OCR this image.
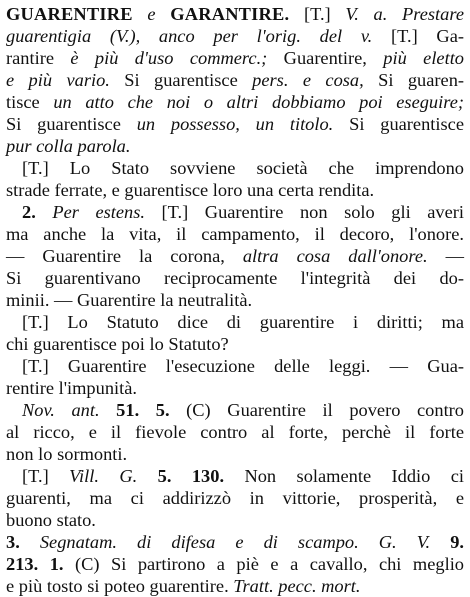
GUARENTIRE e GARANTIRE. [T.] V. a. Prestare
guarentigia (V.), anco per l'orig. del v. [T.] Ga-
rantire è più d'uso commerc.; Guarentire, più eletto
e più vario. Si guarentisce pers. e cosa, Si guaren-
tisce un atto che noi o altri dobbiamo poi eseguire;
Si guarentisce un possesso, un titolo. Si guarentisce
pur colla parola.
[T.] Lo Stato sovviene società che imprendono
strade ferrate, e guarentisce loro una certa rendita.
2. Per estens. [T.] Guarentire non solo gli averi
ma anche la vita, il campamento, il decoro, l'onore.
— Guarentire la corona, altra cosa dall'onore. —
Si guarentivano reciprocamente l'integrità dei do-
minii. — Guarentire la neutralità.
[T.] Lo Statuto dice di guarentire i diritti; ma
chi guarentisce poi lo Statuto?
[T.] Guarentire l'esecuzione delle leggi. — Gua-
rentire l'impunità.
Nov. ant. 51. 5. (C) Guarentire il povero contro
al ricco, e il fievole contro al forte, perchè il forte
non lo sormonti.
[T.] Vill. G. 5. 130. Non solamente Iddio ci
guarenti, ma ci addirizzò in vittorie, prosperità, e
buono stato.
3. Segnatam. di difesa e di scampo. G. V. 9.
213. 1. (C) Si partirono a piè e a cavallo, chi meglio
e più tosto si poteo guarentire. Tratt. pecc. mort.
